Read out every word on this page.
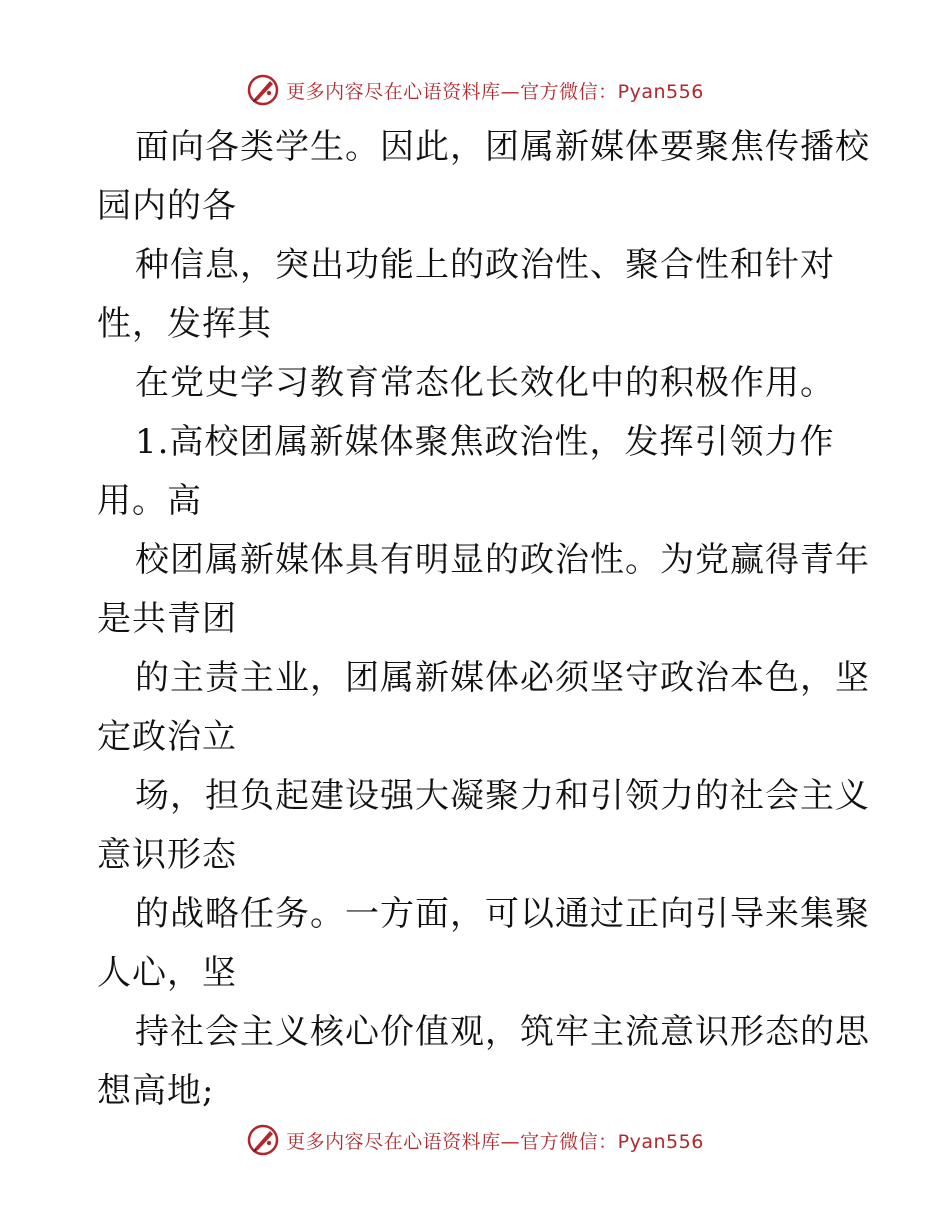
更多内容尽在心语资料库—官方微信：Pyan556
面向各类学生。因此，团属新媒体要聚焦传播校
园内的各
种信息，突出功能上的政治性、聚合性和针对
性，发挥其
在党史学习教育常态化长效化中的积极作用。
1.高校团属新媒体聚焦政治性，发挥引领力作
用。高
校团属新媒体具有明显的政治性。为党赢得青年
是共青团
的主责主业，团属新媒体必须坚守政治本色，坚
定政治立
场，担负起建设强大凝聚力和引领力的社会主义
意识形态
的战略任务。一方面，可以通过正向引导来集聚
人心，坚
持社会主义核心价值观，筑牢主流意识形态的思
想高地;
更多内容尽在心语资料库—官方微信：Pyan556
